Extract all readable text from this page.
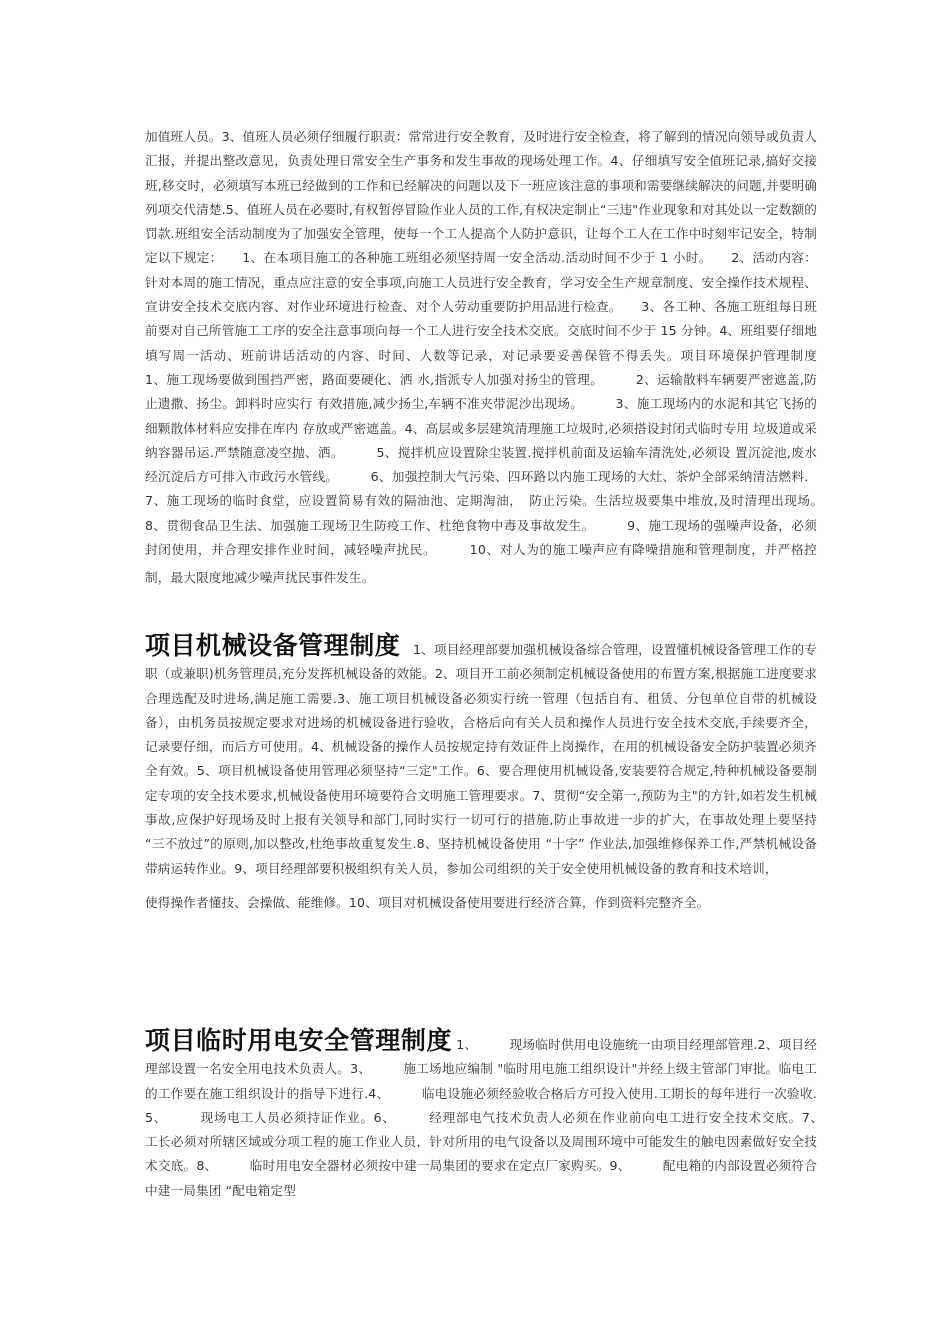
加值班人员。3、值班人员必须仔细履行职责：常常进行安全教育，及时进行安全检查，将了解到的情况向领导或负责人汇报，并提出整改意见，负责处理日常安全生产事务和发生事故的现场处理工作。4、仔细填写安全值班记录,搞好交接班,移交时，必须填写本班已经做到的工作和已经解决的问题以及下一班应该注意的事项和需要继续解决的问题,并要明确列项交代清楚.5、值班人员在必要时,有权暂停冒险作业人员的工作,有权决定制止“三违"作业现象和对其处以一定数额的罚款.班组安全活动制度为了加强安全管理，使每一个工人提高个人防护意识，让每个工人在工作中时刻牢记安全，特制定以下规定：　　1、在本项目施工的各种施工班组必须坚持周一安全活动.活动时间不少于 1 小时。　　2、活动内容：针对本周的施工情况，重点应注意的安全事项,向施工人员进行安全教育，学习安全生产规章制度、安全操作技术规程、宣讲安全技术交底内容、对作业环境进行检查、对个人劳动重要防护用品进行检查。　　3、各工种、各施工班组每日班前要对自己所管施工工序的安全注意事项向每一个工人进行安全技术交底。交底时间不少于 15 分钟。4、班组要仔细地填写周一活动、班前讲话活动的内容、时间、人数等记录，对记录要妥善保管不得丢失。项目环境保护管理制度　　　1、施工现场要做到围挡严密，路面要硬化、洒 水,指派专人加强对扬尘的管理。　　　2、运输散料车辆要严密遮盖,防止遗撒、扬尘。卸料时应实行 有效措施,减少扬尘,车辆不准夹带泥沙出现场。　　　3、施工现场内的水泥和其它飞扬的细颗散体材料应安排在库内 存放或严密遮盖。4、高层或多层建筑清理施工垃圾时,必须搭设封闭式临时专用 垃圾道或采纳容器吊运.严禁随意凌空抛、洒。　　　5、搅拌机应设置除尘装置.搅拌机前面及运输车清洗处,必须设 置沉淀池,废水经沉淀后方可排入市政污水管线。　　　6、加强控制大气污染、四环路以内施工现场的大灶、茶炉全部采纳清洁燃料．7、施工现场的临时食堂，应设置简易有效的隔油池、定期淘油，　防止污染。生活垃圾要集中堆放,及时清理出现场。　　8、贯彻食品卫生法、加强施工现场卫生防疫工作、杜绝食物中毒及事故发生。　　　9、施工现场的强噪声设备，必须封闭使用，并合理安排作业时间，减轻噪声扰民。　　　10、对人为的施工噪声应有降噪措施和管理制度，并严格控制，最大限度地减少噪声扰民事件发生。　　
项目机械设备管理制度　1、项目经理部要加强机械设备综合管理，设置懂机械设备管理工作的专职（或兼职)机务管理员,充分发挥机械设备的效能。2、项目开工前必须制定机械设备使用的布置方案,根据施工进度要求合理选配及时进场,满足施工需要.3、施工项目机械设备必须实行统一管理（包括自有、租赁、分包单位自带的机械设备），由机务员按规定要求对进场的机械设备进行验收，合格后向有关人员和操作人员进行安全技术交底,手续要齐全，记录要仔细，而后方可使用。4、机械设备的操作人员按规定持有效证件上岗操作，在用的机械设备安全防护装置必须齐全有效。5、项目机械设备使用管理必须坚持“三定"工作。6、要合理使用机械设备,安装要符合规定,特种机械设备要制定专项的安全技术要求,机械设备使用环境要符合文明施工管理要求。7、贯彻“安全第一,预防为主"的方针,如若发生机械事故,应保护好现场及时上报有关领导和部门,同时实行一切可行的措施,防止事故进一步的扩大，在事故处理上要坚持 “三不放过”的原则,加以整改,杜绝事故重复发生.8、坚持机械设备使用 “十字” 作业法,加强维修保养工作,严禁机械设备带病运转作业。9、项目经理部要积极组织有关人员，参加公司组织的关于安全使用机械设备的教育和技术培训，
使得操作者懂技、会操做、能维修。10、项目对机械设备使用要进行经济合算，作到资料完整齐全。
项目临时用电安全管理制度 1、　　　现场临时供用电设施统一由项目经理部管理.2、项目经理部设置一名安全用电技术负责人。3、　　　施工场地应编制 "临时用电施工组织设计"并经上级主管部门审批。临电工的工作要在施工组织设计的指导下进行.4、　　　临电设施必须经验收合格后方可投入使用.工期长的每年进行一次验收.5、　　　现场电工人员必须持证作业。6、　　　经理部电气技术负责人必须在作业前向电工进行安全技术交底。7、　　　工长必须对所辖区域或分项工程的施工作业人员，针对所用的电气设备以及周围环境中可能发生的触电因素做好安全技术交底。8、　　　临时用电安全器材必须按中建一局集团的要求在定点厂家购买。9、　　　配电箱的内部设置必须符合中建一局集团 “配电箱定型
